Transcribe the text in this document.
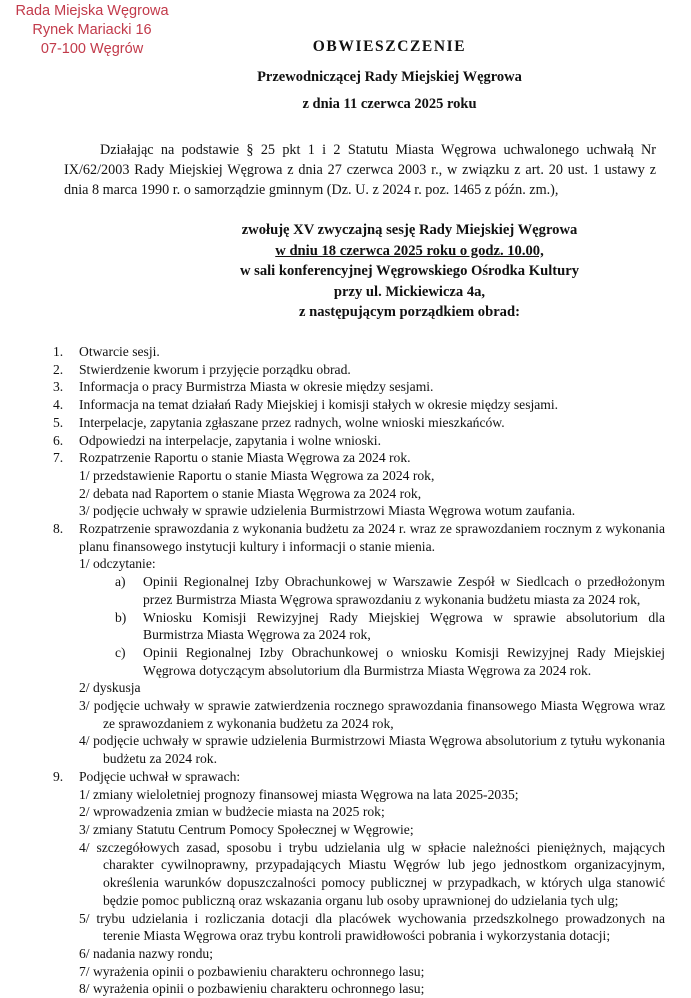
Rada Miejska Węgrowa
Rynek Mariacki 16
07-100 Węgrów	OBWIESZCZENIE
Przewodniczącej Rady Miejskiej Węgrowa
z dnia 11 czerwca 2025 roku
Działając na podstawie § 25 pkt 1 i 2 Statutu Miasta Węgrowa uchwalonego uchwałą Nr IX/62/2003 Rady Miejskiej Węgrowa z dnia 27 czerwca 2003 r., w związku z art. 20 ust. 1 ustawy z dnia 8 marca 1990 r. o samorządzie gminnym (Dz. U. z 2024 r. poz. 1465 z późn. zm.),
zwołuję XV zwyczajną sesję Rady Miejskiej Węgrowa
w dniu 18 czerwca 2025 roku o godz. 10.00,
w sali konferencyjnej Węgrowskiego Ośrodka Kultury
przy ul. Mickiewicza 4a,
z następującym porządkiem obrad:
1. Otwarcie sesji.
2. Stwierdzenie kworum i przyjęcie porządku obrad.
3. Informacja o pracy Burmistrza Miasta w okresie między sesjami.
4. Informacja na temat działań Rady Miejskiej i komisji stałych w okresie między sesjami.
5. Interpelacje, zapytania zgłaszane przez radnych, wolne wnioski mieszkańców.
6. Odpowiedzi na interpelacje, zapytania i wolne wnioski.
7. Rozpatrzenie Raportu o stanie Miasta Węgrowa za 2024 rok.
1/ przedstawienie Raportu o stanie Miasta Węgrowa za 2024 rok,
2/ debata nad Raportem o stanie Miasta Węgrowa za 2024 rok,
3/ podjęcie uchwały w sprawie udzielenia Burmistrzowi Miasta Węgrowa wotum zaufania.
8. Rozpatrzenie sprawozdania z wykonania budżetu za 2024 r. wraz ze sprawozdaniem rocznym z wykonania planu finansowego instytucji kultury i informacji o stanie mienia.
1/ odczytanie:
a) Opinii Regionalnej Izby Obrachunkowej w Warszawie Zespół w Siedlcach o przedłożonym przez Burmistrza Miasta Węgrowa sprawozdaniu z wykonania budżetu miasta za 2024 rok,
b) Wniosku Komisji Rewizyjnej Rady Miejskiej Węgrowa w sprawie absolutorium dla Burmistrza Miasta Węgrowa za 2024 rok,
c) Opinii Regionalnej Izby Obrachunkowej o wniosku Komisji Rewizyjnej Rady Miejskiej Węgrowa dotyczącym absolutorium dla Burmistrza Miasta Węgrowa za 2024 rok.
2/ dyskusja
3/ podjęcie uchwały w sprawie zatwierdzenia rocznego sprawozdania finansowego Miasta Węgrowa wraz ze sprawozdaniem z wykonania budżetu za 2024 rok,
4/ podjęcie uchwały w sprawie udzielenia Burmistrzowi Miasta Węgrowa absolutorium z tytułu wykonania budżetu za 2024 rok.
9. Podjęcie uchwał w sprawach:
1/ zmiany wieloletniej prognozy finansowej miasta Węgrowa na lata 2025-2035;
2/ wprowadzenia zmian w budżecie miasta na 2025 rok;
3/ zmiany Statutu Centrum Pomocy Społecznej w Węgrowie;
4/ szczegółowych zasad, sposobu i trybu udzielania ulg w spłacie należności pieniężnych, mających charakter cywilnoprawny, przypadających Miastu Węgrów lub jego jednostkom organizacyjnym, określenia warunków dopuszczalności pomocy publicznej w przypadkach, w których ulga stanowić będzie pomoc publiczną oraz wskazania organu lub osoby uprawnionej do udzielania tych ulg;
5/ trybu udzielania i rozliczania dotacji dla placówek wychowania przedszkolnego prowadzonych na terenie Miasta Węgrowa oraz trybu kontroli prawidłowości pobrania i wykorzystania dotacji;
6/ nadania nazwy rondu;
7/ wyrażenia opinii o pozbawieniu charakteru ochronnego lasu;
8/ wyrażenia opinii o pozbawieniu charakteru ochronnego lasu;
